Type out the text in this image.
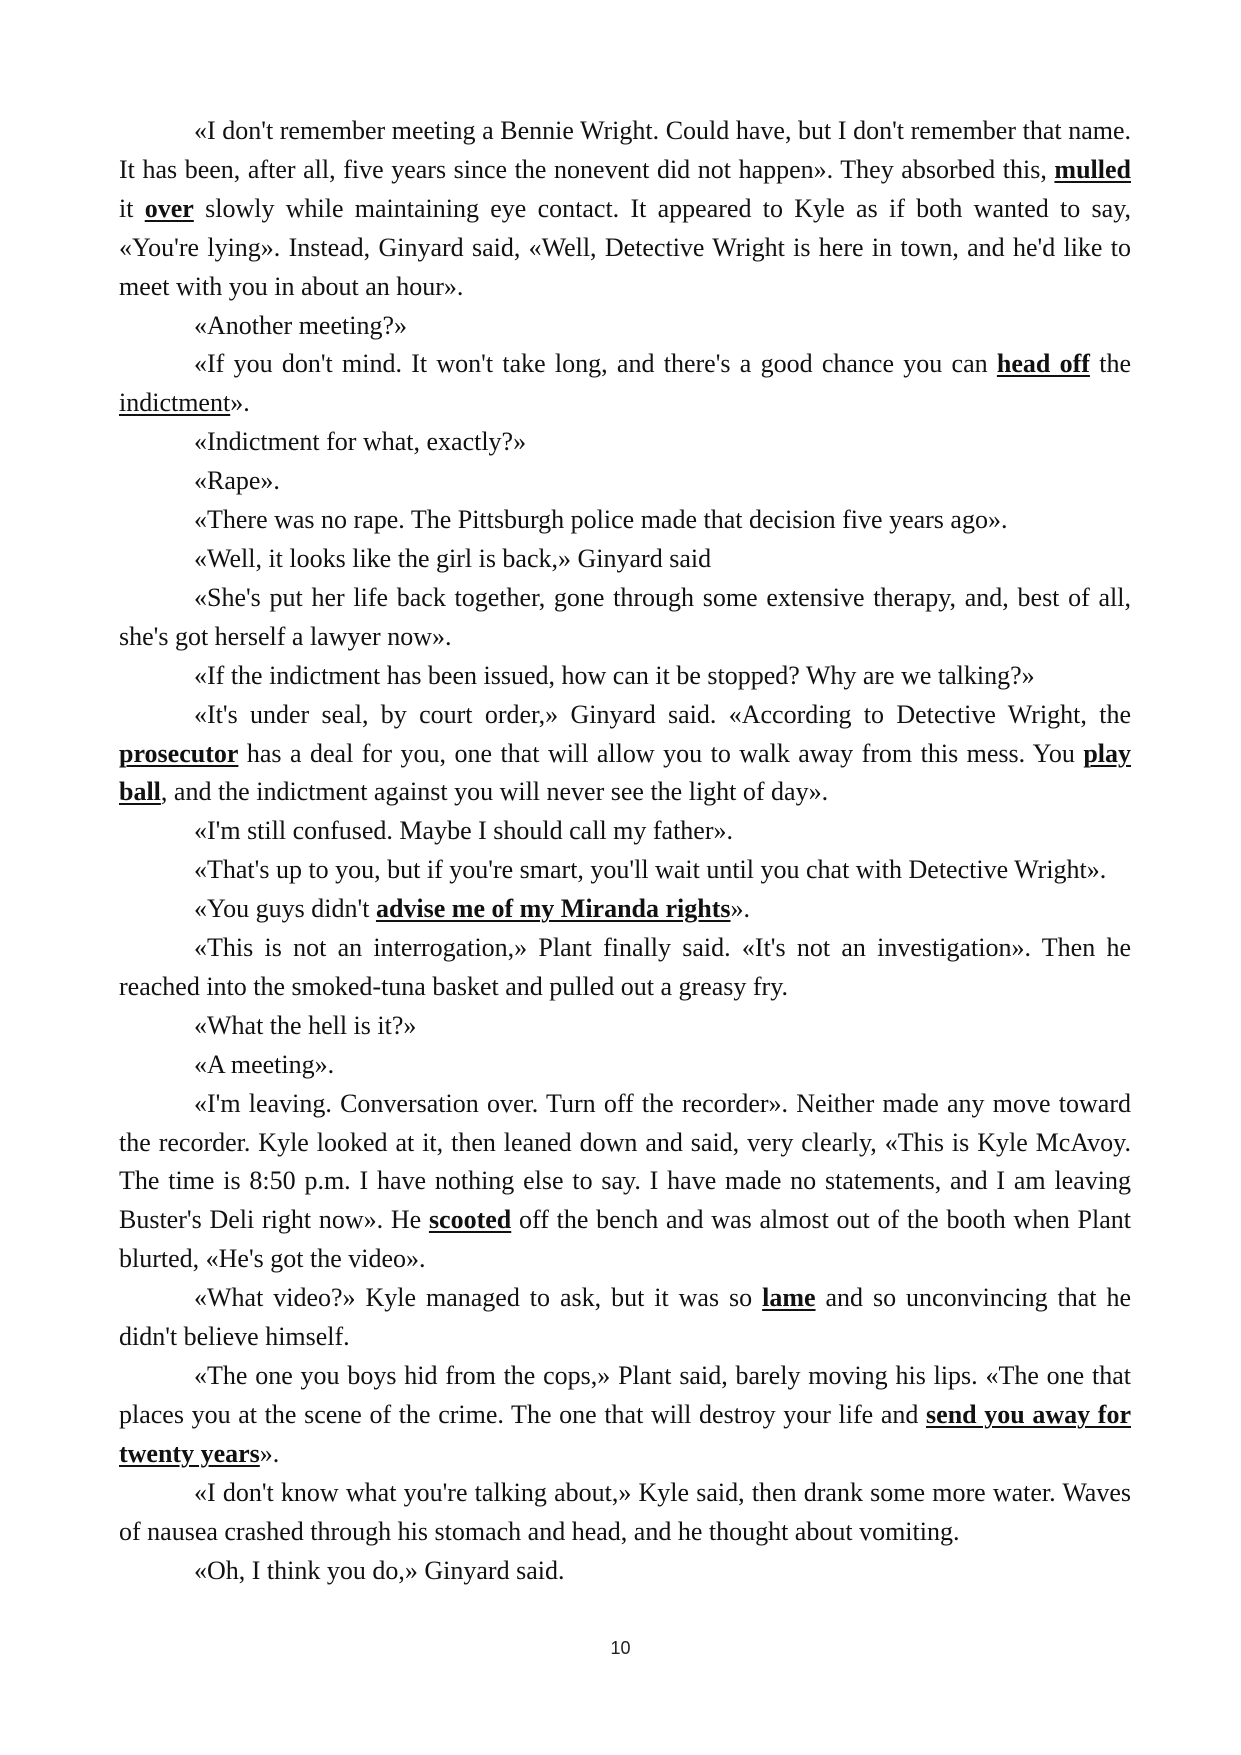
«I don't remember meeting a Bennie Wright. Could have, but I don't remember that name. It has been, after all, five years since the nonevent did not happen». They absorbed this, mulled it over slowly while maintaining eye contact. It appeared to Kyle as if both wanted to say, «You're lying». Instead, Ginyard said, «Well, Detective Wright is here in town, and he'd like to meet with you in about an hour».

«Another meeting?»

«If you don't mind. It won't take long, and there's a good chance you can head off the indictment».

«Indictment for what, exactly?»

«Rape».

«There was no rape. The Pittsburgh police made that decision five years ago».

«Well, it looks like the girl is back,» Ginyard said

«She's put her life back together, gone through some extensive therapy, and, best of all, she's got herself a lawyer now».

«If the indictment has been issued, how can it be stopped? Why are we talking?»

«It's under seal, by court order,» Ginyard said. «According to Detective Wright, the prosecutor has a deal for you, one that will allow you to walk away from this mess. You play ball, and the indictment against you will never see the light of day».

«I'm still confused. Maybe I should call my father».

«That's up to you, but if you're smart, you'll wait until you chat with Detective Wright».

«You guys didn't advise me of my Miranda rights».

«This is not an interrogation,» Plant finally said. «It's not an investigation». Then he reached into the smoked-tuna basket and pulled out a greasy fry.

«What the hell is it?»

«A meeting».

«I'm leaving. Conversation over. Turn off the recorder». Neither made any move toward the recorder. Kyle looked at it, then leaned down and said, very clearly, «This is Kyle McAvoy. The time is 8:50 p.m. I have nothing else to say. I have made no statements, and I am leaving Buster's Deli right now». He scooted off the bench and was almost out of the booth when Plant blurted, «He's got the video».

«What video?» Kyle managed to ask, but it was so lame and so unconvincing that he didn't believe himself.

«The one you boys hid from the cops,» Plant said, barely moving his lips. «The one that places you at the scene of the crime. The one that will destroy your life and send you away for twenty years».

«I don't know what you're talking about,» Kyle said, then drank some more water. Waves of nausea crashed through his stomach and head, and he thought about vomiting.

«Oh, I think you do,» Ginyard said.

10
